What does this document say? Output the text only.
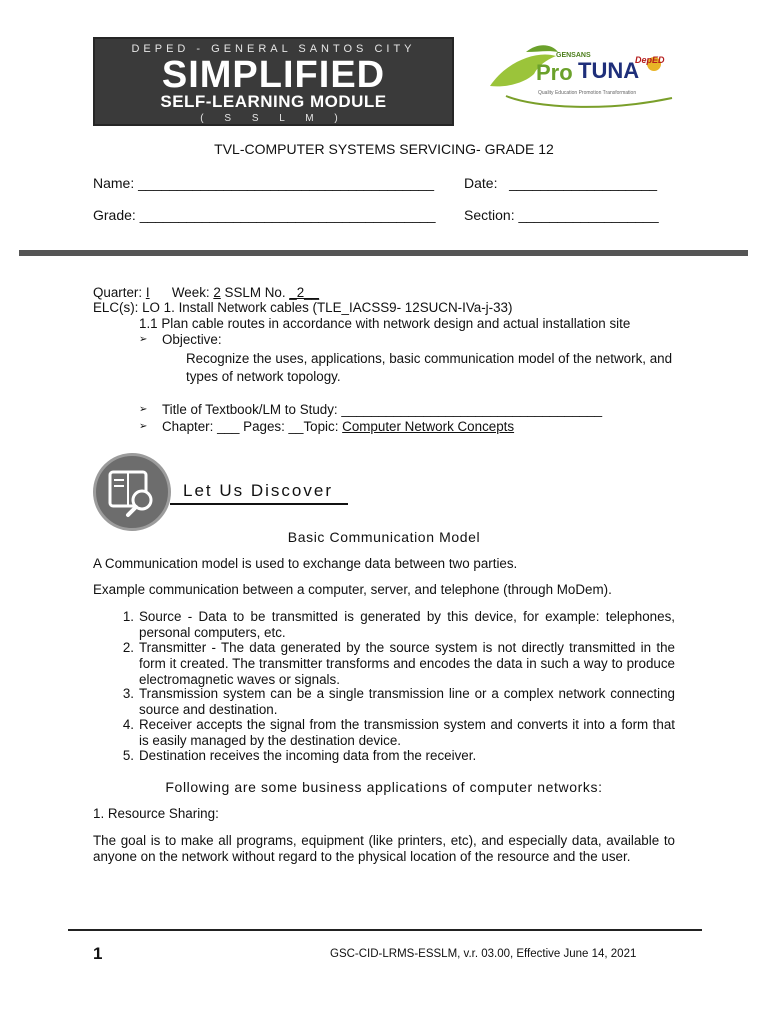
DEPED - GENERAL SANTOS CITY
SIMPLIFIED
SELF-LEARNING MODULE
( S S L M )
GENSANS
Pro TUNA
DepED
Quality Education Promotion Transformation
TVL-COMPUTER SYSTEMS SERVICING- GRADE 12
Name: ______________________________________ Date:   ___________________
Grade: ______________________________________ Section: __________________
Quarter: I Week: 2 SSLM No. _2__
ELC(s): LO 1. Install Network cables (TLE_IACSS9- 12SUCN-IVa-j-33)
1.1 Plan cable routes in accordance with network design and actual installation site
➢ Objective:
Recognize the uses, applications, basic communication model of the network, and types of network topology.
➢ Title of Textbook/LM to Study: ___________________________________
➢ Chapter: ___ Pages: __Topic: Computer Network Concepts
Let Us Discover
Basic Communication Model
A Communication model is used to exchange data between two parties.
Example communication between a computer, server, and telephone (through MoDem).
1. Source - Data to be transmitted is generated by this device, for example: telephones, personal computers, etc.
2. Transmitter - The data generated by the source system is not directly transmitted in the form it created. The transmitter transforms and encodes the data in such a way to produce electromagnetic waves or signals.
3. Transmission system can be a single transmission line or a complex network connecting source and destination.
4. Receiver accepts the signal from the transmission system and converts it into a form that is easily managed by the destination device.
5. Destination receives the incoming data from the receiver.
Following are some business applications of computer networks:
1. Resource Sharing:
The goal is to make all programs, equipment (like printers, etc), and especially data, available to anyone on the network without regard to the physical location of the resource and the user.
1	GSC-CID-LRMS-ESSLM, v.r. 03.00, Effective June 14, 2021
